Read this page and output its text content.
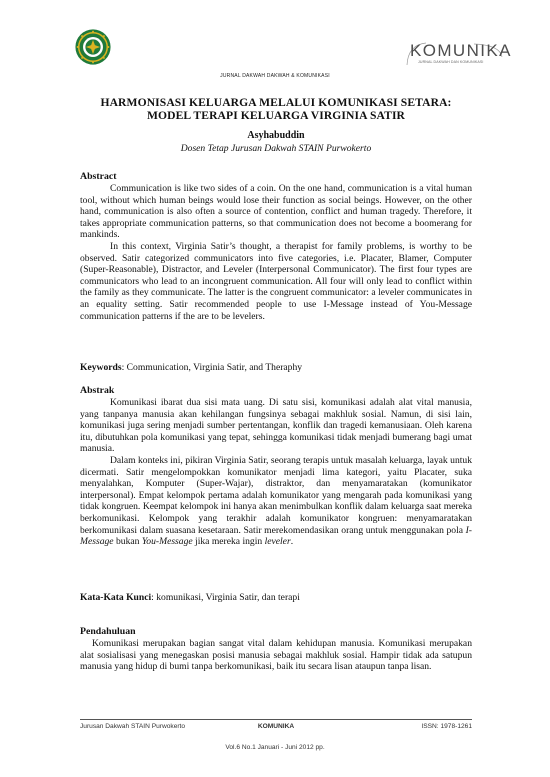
JURNAL DAKWAH DAKWAH & KOMUNIKASI
KOMUNIKA
JURNAL DAKWAH DAN KOMUNIKASI
HARMONISASI KELUARGA MELALUI KOMUNIKASI SETARA:
MODEL TERAPI KELUARGA VIRGINIA SATIR
Asyhabuddin
Dosen Tetap Jurusan Dakwah STAIN Purwokerto
Abstract

Communication is like two sides of a coin. On the one hand, communication is a vital human tool, without which human beings would lose their function as social beings. However, on the other hand, communication is also often a source of contention, conflict and human tragedy. Therefore, it takes appropriate communication patterns, so that communication does not become a boomerang for mankinds.

In this context, Virginia Satir’s thought, a therapist for family problems, is worthy to be observed. Satir categorized communicators into five categories, i.e. Placater, Blamer, Computer (Super-Reasonable), Distractor, and Leveler (Interpersonal Communicator). The first four types are communicators who lead to an incongruent communication. All four will only lead to conflict within the family as they communicate. The latter is the congruent communicator: a leveler communicates in an equality setting. Satir recommended people to use I-Message instead of You-Message communication patterns if the are to be levelers.

Keywords: Communication, Virginia Satir, and Theraphy
Abstrak

Komunikasi ibarat dua sisi mata uang. Di satu sisi, komunikasi adalah alat vital manusia, yang tanpanya manusia akan kehilangan fungsinya sebagai makhluk sosial. Namun, di sisi lain, komunikasi juga sering menjadi sumber pertentangan, konflik dan tragedi kemanusiaan. Oleh karena itu, dibutuhkan pola komunikasi yang tepat, sehingga komunikasi tidak menjadi bumerang bagi umat manusia.

Dalam konteks ini, pikiran Virginia Satir, seorang terapis untuk masalah keluarga, layak untuk dicermati. Satir mengelompokkan komunikator menjadi lima kategori, yaitu Placater, suka menyalahkan, Komputer (Super-Wajar), distraktor, dan menyamaratakan (komunikator interpersonal). Empat kelompok pertama adalah komunikator yang mengarah pada komunikasi yang tidak kongruen. Keempat kelompok ini hanya akan menimbulkan konflik dalam keluarga saat mereka berkomunikasi. Kelompok yang terakhir adalah komunikator kongruen: menyamaratakan berkomunikasi dalam suasana kesetaraan. Satir merekomendasikan orang untuk menggunakan pola I-Message bukan You-Message jika mereka ingin leveler.

Kata-Kata Kunci: komunikasi, Virginia Satir, dan terapi
Pendahuluan

Komunikasi merupakan bagian sangat vital dalam kehidupan manusia. Komunikasi merupakan alat sosialisasi yang menegaskan posisi manusia sebagai makhluk sosial. Hampir tidak ada satupun manusia yang hidup di bumi tanpa berkomunikasi, baik itu secara lisan ataupun tanpa lisan.

Jurusan Dakwah STAIN Purwokerto	KOMUNIKA	ISSN: 1978-1261
Vol.6 No.1 Januari - Juni 2012 pp.
